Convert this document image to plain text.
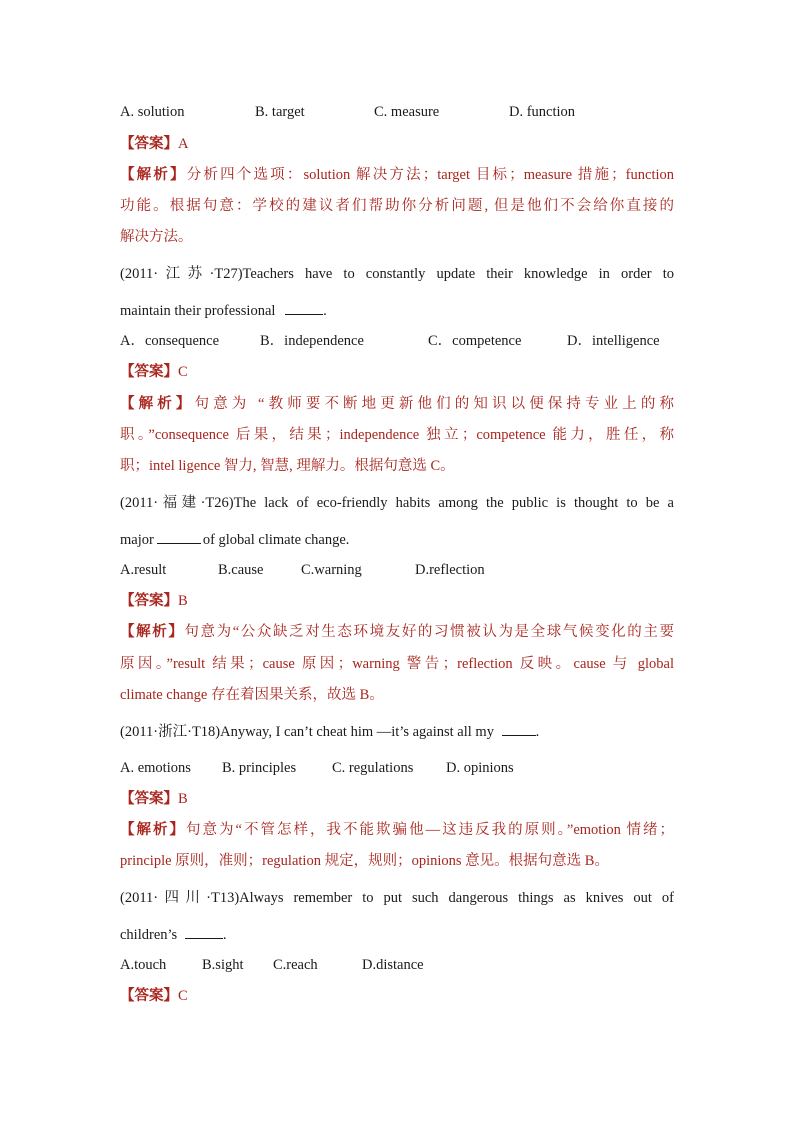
A. solution	B. target	C. measure	D. function
【答案】A
【解析】分析四个选项：solution 解决方法；target 目标；measure 措施；function
功能。根据句意：学校的建议者们帮助你分析问题, 但是他们不会给你直接的
解决方法。
(2011·江苏·T27)Teachers have to constantly update their knowledge in order to
maintain their professional	.
A．consequence	B．independence	C．competence	D．intelligence
【答案】C
【解析】句意为 “教师要不断地更新他们的知识以便保持专业上的称
职。”consequence 后果，结果；independence 独立；competence 能力，胜任，称
职；intel ligence 智力, 智慧, 理解力。根据句意选 C。
(2011·福建·T26)The lack of eco-friendly habits among the public is thought to be a
major	of global climate change.
A.result	B.cause	C.warning	D.reflection
【答案】B
【解析】句意为“公众缺乏对生态环境友好的习惯被认为是全球气候变化的主要
原因。”result 结果；cause 原因；warning 警告；reflection 反映。cause 与 global
climate change 存在着因果关系，故选 B。
(2011·浙江·T18)Anyway, I can’t cheat him —it’s against all my	.
A. emotions B. principles C. regulations D. opinions
【答案】B
【解析】句意为“不管怎样，我不能欺骗他—这违反我的原则。”emotion 情绪；
principle 原则，准则；regulation 规定，规则；opinions 意见。根据句意选 B。
(2011·四川·T13)Always remember to put such dangerous things as knives out of
children’s	.
A.touch B.sight C.reach	D.distance
【答案】C
